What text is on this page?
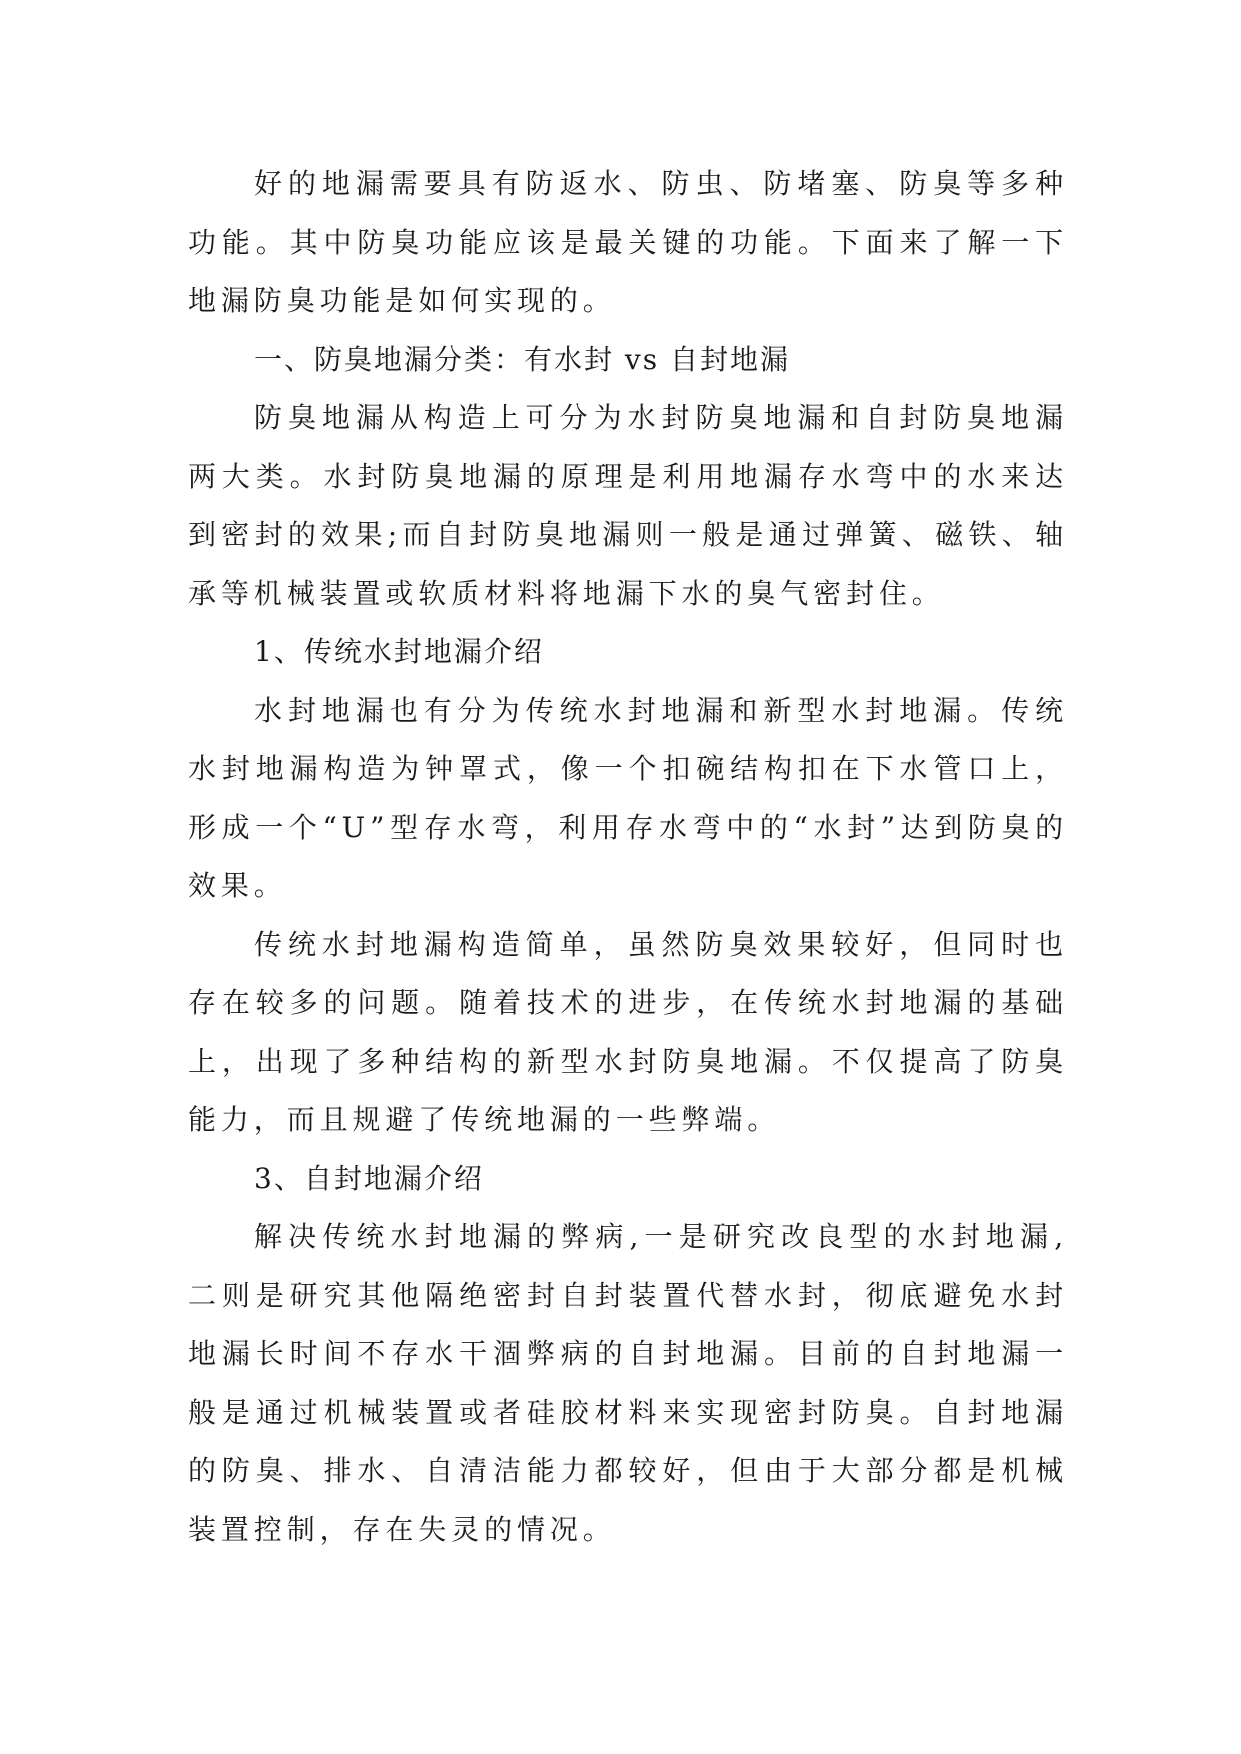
好的地漏需要具有防返水、防虫、防堵塞、防臭等多种功能。其中防臭功能应该是最关键的功能。下面来了解一下地漏防臭功能是如何实现的。

一、防臭地漏分类：有水封 vs 自封地漏

防臭地漏从构造上可分为水封防臭地漏和自封防臭地漏两大类。水封防臭地漏的原理是利用地漏存水弯中的水来达到密封的效果;而自封防臭地漏则一般是通过弹簧、磁铁、轴承等机械装置或软质材料将地漏下水的臭气密封住。

1、传统水封地漏介绍

水封地漏也有分为传统水封地漏和新型水封地漏。传统水封地漏构造为钟罩式，像一个扣碗结构扣在下水管口上，形成一个“U”型存水弯，利用存水弯中的“水封”达到防臭的效果。

传统水封地漏构造简单，虽然防臭效果较好，但同时也存在较多的问题。随着技术的进步，在传统水封地漏的基础上，出现了多种结构的新型水封防臭地漏。不仅提高了防臭能力，而且规避了传统地漏的一些弊端。

3、自封地漏介绍

解决传统水封地漏的弊病,一是研究改良型的水封地漏,二则是研究其他隔绝密封自封装置代替水封，彻底避免水封地漏长时间不存水干涸弊病的自封地漏。目前的自封地漏一般是通过机械装置或者硅胶材料来实现密封防臭。自封地漏的防臭、排水、自清洁能力都较好，但由于大部分都是机械装置控制，存在失灵的情况。
